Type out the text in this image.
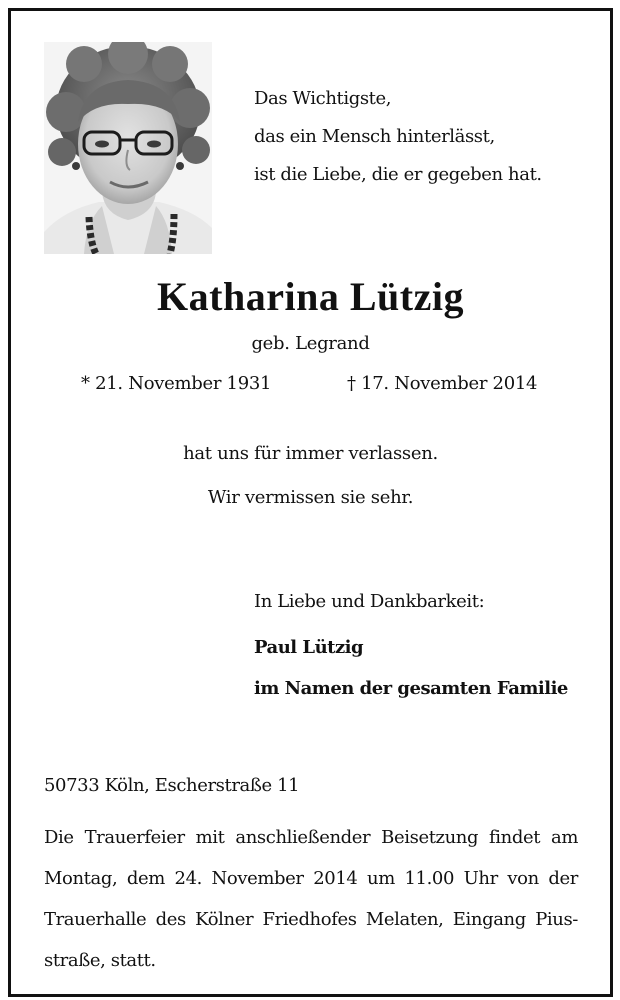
Das Wichtigste,
das ein Mensch hinterlässt,
ist die Liebe, die er gegeben hat.
Katharina Lützig
geb. Legrand
* 21. November 1931	† 17. November 2014
hat uns für immer verlassen.
Wir vermissen sie sehr.
In Liebe und Dankbarkeit:
Paul Lützig
im Namen der gesamten Familie
50733 Köln, Escherstraße 11
Die Trauerfeier mit anschließender Beisetzung findet am
Montag, dem 24. November 2014 um 11.00 Uhr von der
Trauerhalle des Kölner Friedhofes Melaten, Eingang Pius-
straße, statt.
